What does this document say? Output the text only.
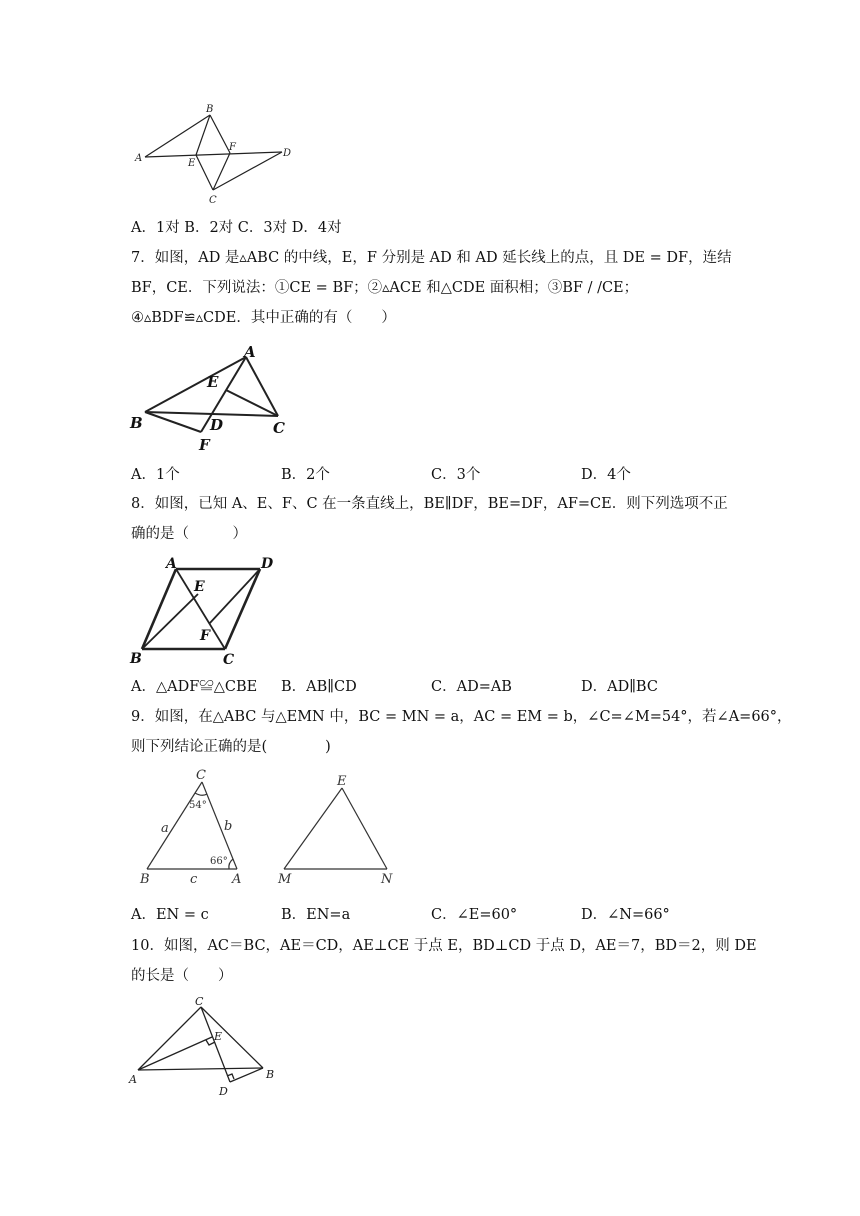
B
A	E
F
D
C
A．1对 B．2对 C．3对 D．4对
7．如图，AD 是▵ABC 的中线，E，F 分别是 AD 和 AD 延长线上的点，且 DE = DF，连结
BF，CE．下列说法：①CE = BF；②▵ACE 和△CDE 面积相；③BF / /CE；
④▵BDF≌▵CDE．其中正确的有（　　）
A
E
B	D	C
F
A．1个	B．2个	C．3个	D．4个
8．如图，已知 A、E、F、C 在一条直线上，BE∥DF，BE=DF，AF=CE．则下列选项不正
确的是（　　　）
A	D
E
F
B	C
A．△ADF≌△CBE B．AB∥CD	C．AD=AB	D．AD∥BC
9．如图，在△ABC 与△EMN 中，BC = MN = a，AC = EM = b，∠C=∠M=54°，若∠A=66°，
则下列结论正确的是(　　　　)
C
a	b
B	c	A
E
M	N
54°
66°
A．EN = c	B．EN=a	C．∠E=60°	D．∠N=66°
10．如图，AC＝BC，AE＝CD，AE⊥CE 于点 E，BD⊥CD 于点 D，AE＝7，BD＝2，则 DE
的长是（　　）
C
E
A	B
D
